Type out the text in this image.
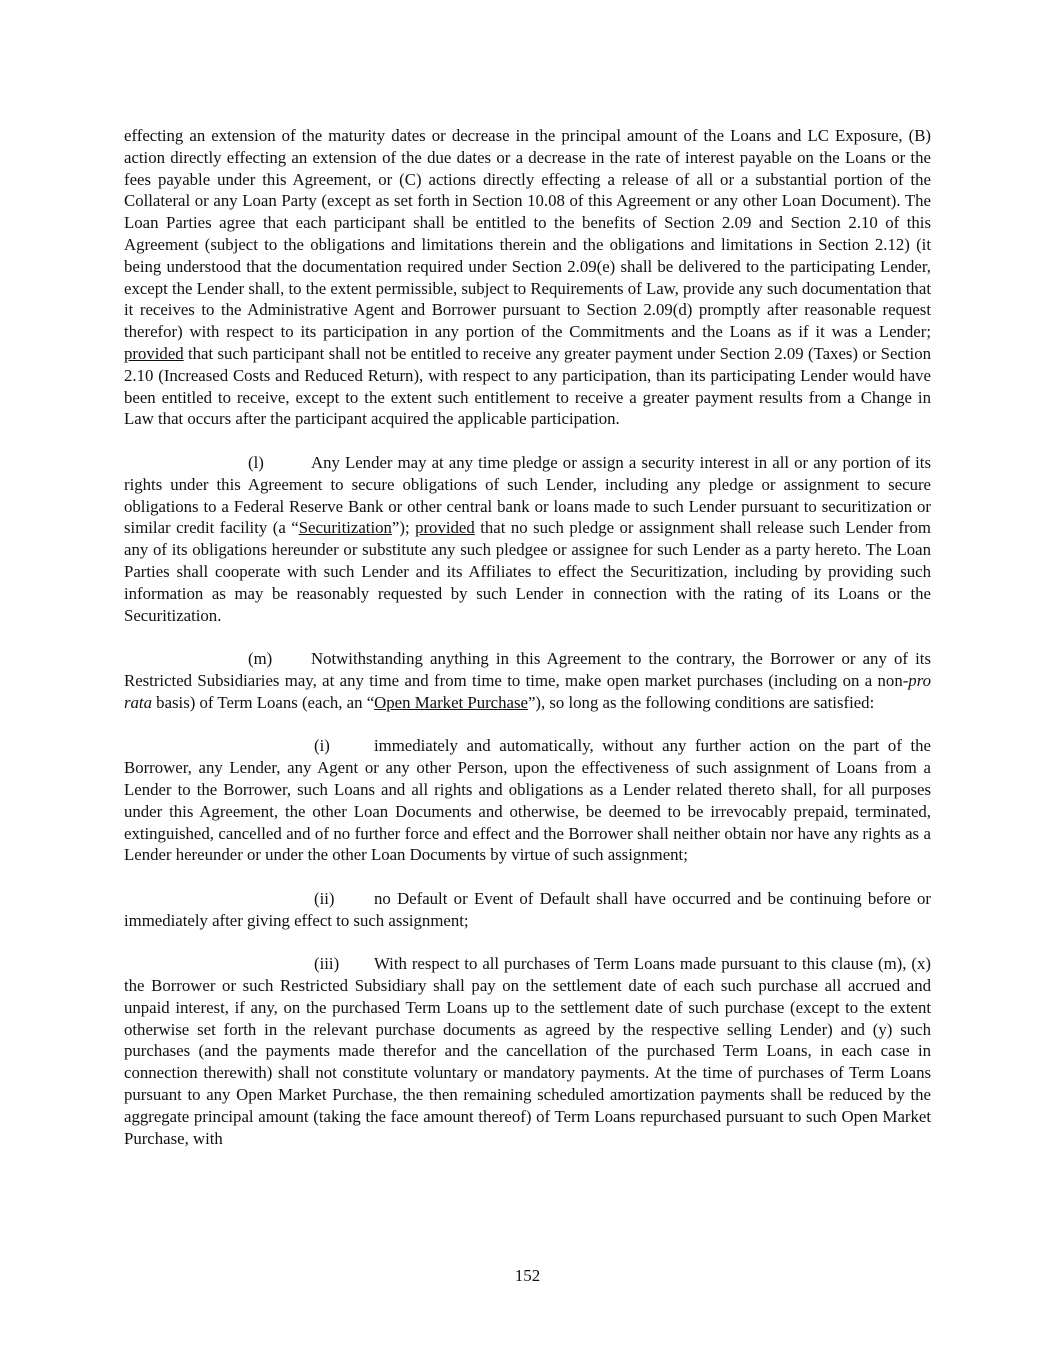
effecting an extension of the maturity dates or decrease in the principal amount of the Loans and LC Exposure, (B) action directly effecting an extension of the due dates or a decrease in the rate of interest payable on the Loans or the fees payable under this Agreement, or (C) actions directly effecting a release of all or a substantial portion of the Collateral or any Loan Party (except as set forth in Section 10.08 of this Agreement or any other Loan Document). The Loan Parties agree that each participant shall be entitled to the benefits of Section 2.09 and Section 2.10 of this Agreement (subject to the obligations and limitations therein and the obligations and limitations in Section 2.12) (it being understood that the documentation required under Section 2.09(e) shall be delivered to the participating Lender, except the Lender shall, to the extent permissible, subject to Requirements of Law, provide any such documentation that it receives to the Administrative Agent and Borrower pursuant to Section 2.09(d) promptly after reasonable request therefor) with respect to its participation in any portion of the Commitments and the Loans as if it was a Lender; provided that such participant shall not be entitled to receive any greater payment under Section 2.09 (Taxes) or Section 2.10 (Increased Costs and Reduced Return), with respect to any participation, than its participating Lender would have been entitled to receive, except to the extent such entitlement to receive a greater payment results from a Change in Law that occurs after the participant acquired the applicable participation.

(l)	Any Lender may at any time pledge or assign a security interest in all or any portion of its rights under this Agreement to secure obligations of such Lender, including any pledge or assignment to secure obligations to a Federal Reserve Bank or other central bank or loans made to such Lender pursuant to securitization or similar credit facility (a “Securitization”); provided that no such pledge or assignment shall release such Lender from any of its obligations hereunder or substitute any such pledgee or assignee for such Lender as a party hereto. The Loan Parties shall cooperate with such Lender and its Affiliates to effect the Securitization, including by providing such information as may be reasonably requested by such Lender in connection with the rating of its Loans or the Securitization.

(m) Notwithstanding anything in this Agreement to the contrary, the Borrower or any of its Restricted Subsidiaries may, at any time and from time to time, make open market purchases (including on a non-pro rata basis) of Term Loans (each, an “Open Market Purchase”), so long as the following conditions are satisfied:

(i)	immediately and automatically, without any further action on the part of the Borrower, any Lender, any Agent or any other Person, upon the effectiveness of such assignment of Loans from a Lender to the Borrower, such Loans and all rights and obligations as a Lender related thereto shall, for all purposes under this Agreement, the other Loan Documents and otherwise, be deemed to be irrevocably prepaid, terminated, extinguished, cancelled and of no further force and effect and the Borrower shall neither obtain nor have any rights as a Lender hereunder or under the other Loan Documents by virtue of such assignment;

(ii) no Default or Event of Default shall have occurred and be continuing before or immediately after giving effect to such assignment;

(iii) With respect to all purchases of Term Loans made pursuant to this clause (m), (x) the Borrower or such Restricted Subsidiary shall pay on the settlement date of each such purchase all accrued and unpaid interest, if any, on the purchased Term Loans up to the settlement date of such purchase (except to the extent otherwise set forth in the relevant purchase documents as agreed by the respective selling Lender) and (y) such purchases (and the payments made therefor and the cancellation of the purchased Term Loans, in each case in connection therewith) shall not constitute voluntary or mandatory payments. At the time of purchases of Term Loans pursuant to any Open Market Purchase, the then remaining scheduled amortization payments shall be reduced by the aggregate principal amount (taking the face amount thereof) of Term Loans repurchased pursuant to such Open Market Purchase, with

152
